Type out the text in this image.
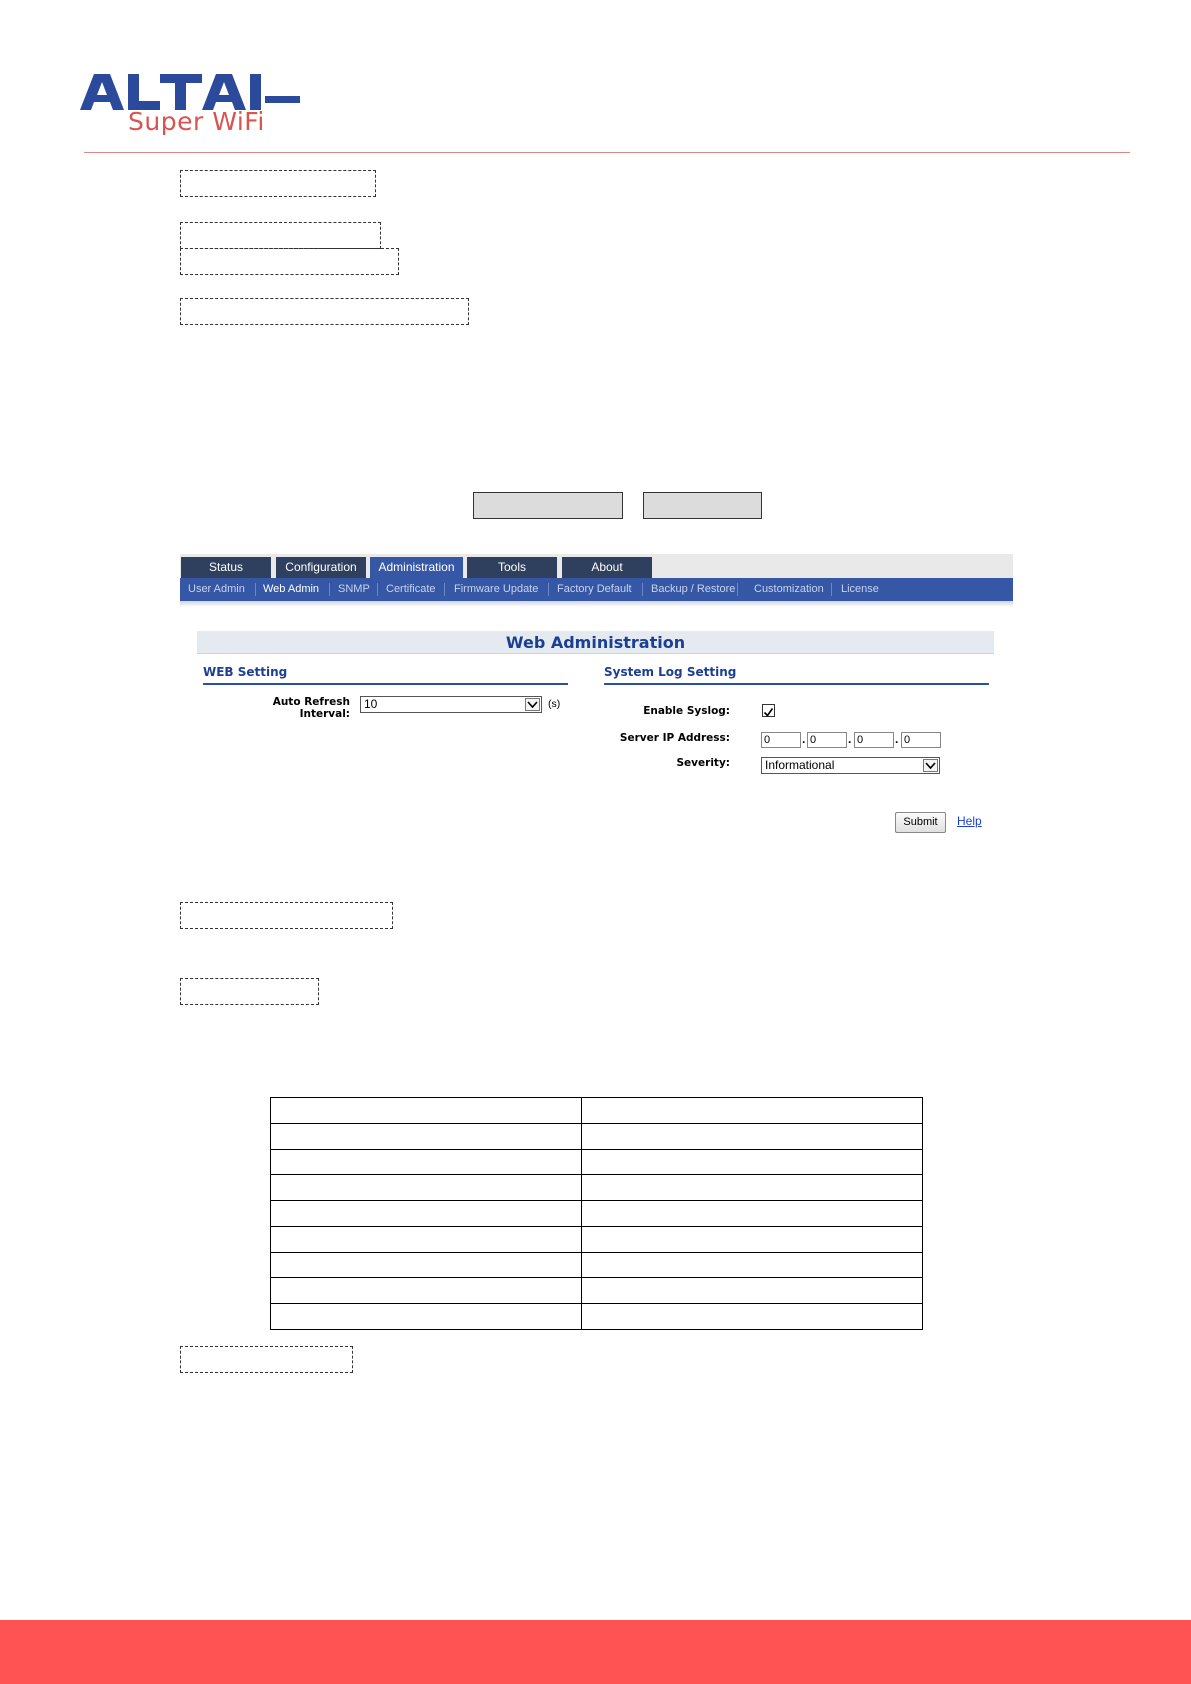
Super WiFi
Status	Configuration	Administration	Tools	About
User Admin Web Admin SNMP Certificate Firmware Update Factory Default Backup / Restore Customization License
Web Administration
WEB Setting
Auto Refresh Interval:
10	(s)
System Log Setting
Enable Syslog:
Server IP Address:	0	. 0	. 0	. 0
Severity:	Informational
Submit	Help
